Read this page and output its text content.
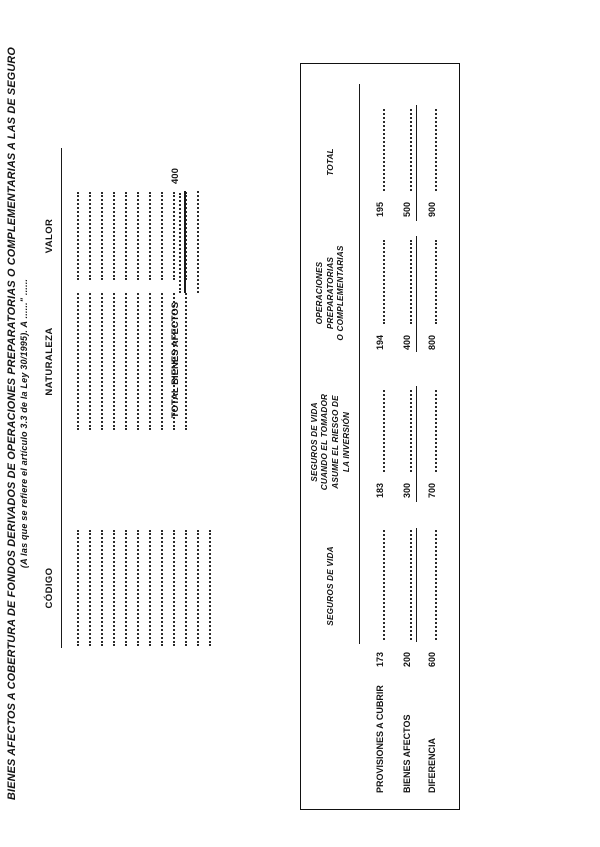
BIENES AFECTOS A COBERTURA DE FONDOS DERIVADOS DE OPERACIONES PREPARATORIAS O COMPLEMENTARIAS A LAS DE SEGURO (A las que se refiere el artículo 3.3 de la Ley 30/1995). A ......" ......
CÓDIGO
NATURALEZA
VALOR
TOTAL BIENES AFECTOS
400
SEGUROS DE VIDA
SEGUROS DE VIDA CUANDO EL TOMADOR ASUME EL RIESGO DE LA INVERSIÓN
OPERACIONES PREPARATORIAS O COMPLEMENTARIAS
TOTAL
PROVISIONES A CUBRIR
173
BIENES AFECTOS
200
DIFERENCIA
600
183
194
195
300
400
500
700
800
900
